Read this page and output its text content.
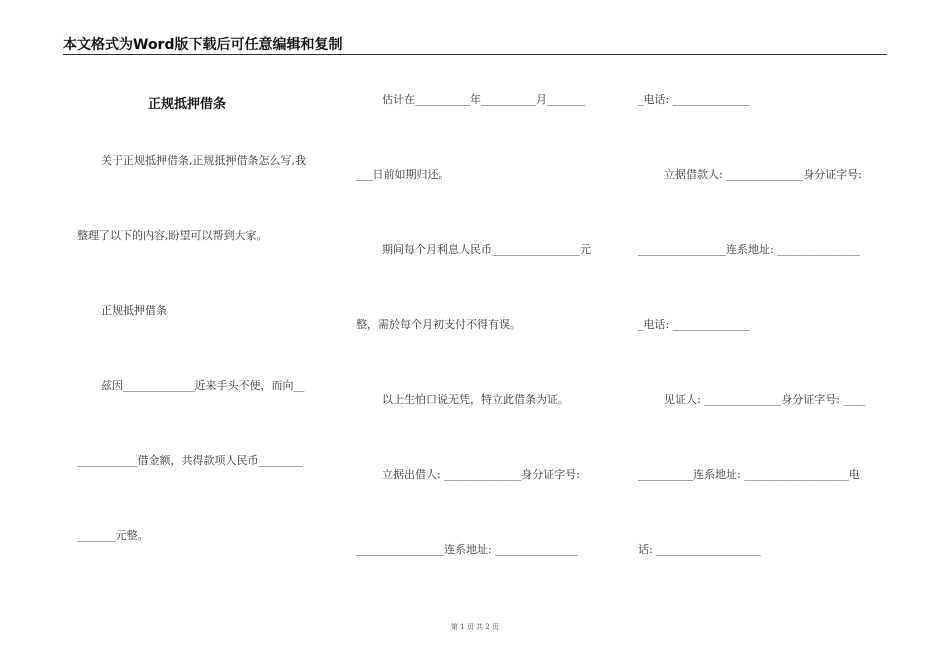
本文格式为Word版下载后可任意编辑和复制
正规抵押借条
关于正规抵押借条,正规抵押借条怎么写,我
整理了以下的内容,盼望可以帮到大家。
正规抵押借条
兹因_____________近来手头不便，而向__
___________借金额，共得款项人民币________
_______元整。
估计在__________年__________月_______
___日前如期归还。
期间每个月利息人民币________________元
整，需於每个月初支付不得有误。
以上生怕口说无凭，特立此借条为证。
立据出借人: ______________身分证字号:
________________连系地址: _______________
_电话: ______________
立据借款人: ______________身分证字号:
________________连系地址: _______________
_电话: ______________
见证人: ______________身分证字号: ____
__________连系地址: ___________________电
话: ___________________
第 1 页 共 2 页
